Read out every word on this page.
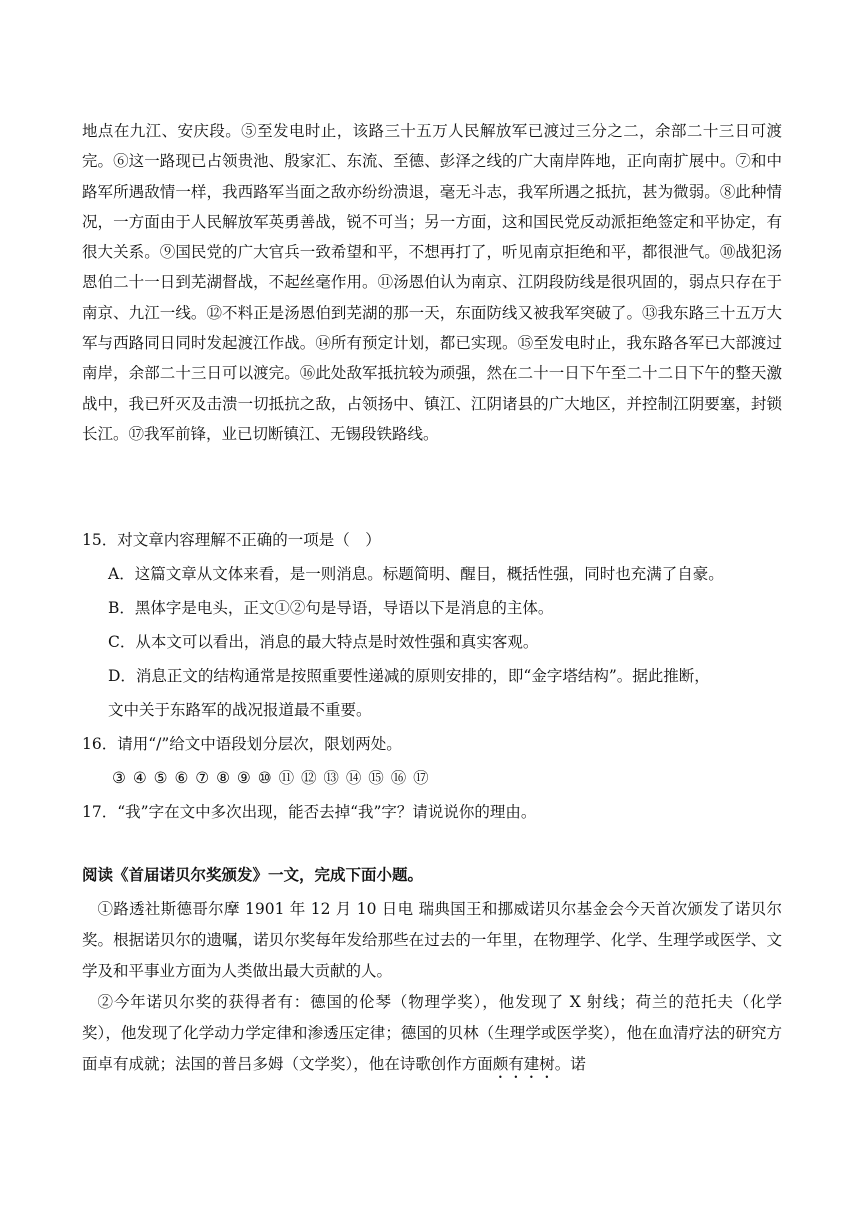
地点在九江、安庆段。⑤至发电时止，该路三十五万人民解放军已渡过三分之二，余部二十三日可渡完。⑥这一路现已占领贵池、殷家汇、东流、至德、彭泽之线的广大南岸阵地，正向南扩展中。⑦和中路军所遇敌情一样，我西路军当面之敌亦纷纷溃退，毫无斗志，我军所遇之抵抗，甚为微弱。⑧此种情况，一方面由于人民解放军英勇善战，锐不可当；另一方面，这和国民党反动派拒绝签定和平协定，有很大关系。⑨国民党的广大官兵一致希望和平，不想再打了，听见南京拒绝和平，都很泄气。⑩战犯汤恩伯二十一日到芜湖督战，不起丝毫作用。⑪汤恩伯认为南京、江阴段防线是很巩固的，弱点只存在于南京、九江一线。⑫不料正是汤恩伯到芜湖的那一天，东面防线又被我军突破了。⑬我东路三十五万大军与西路同日同时发起渡江作战。⑭所有预定计划，都已实现。⑮至发电时止，我东路各军已大部渡过南岸，余部二十三日可以渡完。⑯此处敌军抵抗较为顽强，然在二十一日下午至二十二日下午的整天激战中，我已歼灭及击溃一切抵抗之敌，占领扬中、镇江、江阴诸县的广大地区，并控制江阴要塞，封锁长江。⑰我军前锋，业已切断镇江、无锡段铁路线。

15．对文章内容理解不正确的一项是（　）

A．这篇文章从文体来看，是一则消息。标题简明、醒目，概括性强，同时也充满了自豪。

B．黑体字是电头，正文①②句是导语，导语以下是消息的主体。

C．从本文可以看出，消息的最大特点是时效性强和真实客观。

D．消息正文的结构通常是按照重要性递减的原则安排的，即“金字塔结构”。据此推断，

文中关于东路军的战况报道最不重要。

16．请用“/”给文中语段划分层次，限划两处。

③ ④ ⑤ ⑥ ⑦ ⑧ ⑨ ⑩ ⑪ ⑫ ⑬ ⑭ ⑮ ⑯ ⑰

17．“我”字在文中多次出现，能否去掉“我”字？请说说你的理由。

阅读《首届诺贝尔奖颁发》一文，完成下面小题。

①路透社斯德哥尔摩 1901 年 12 月 10 日电 瑞典国王和挪威诺贝尔基金会今天首次颁发了诺贝尔奖。根据诺贝尔的遗嘱，诺贝尔奖每年发给那些在过去的一年里，在物理学、化学、生理学或医学、文学及和平事业方面为人类做出最大贡献的人。

②今年诺贝尔奖的获得者有：德国的伦琴（物理学奖），他发现了 X 射线；荷兰的范托夫（化学奖），他发现了化学动力学定律和渗透压定律；德国的贝林（生理学或医学奖），他在血清疗法的研究方面卓有成就；法国的普吕多姆（文学奖），他在诗歌创作方面颇有建树。诺
